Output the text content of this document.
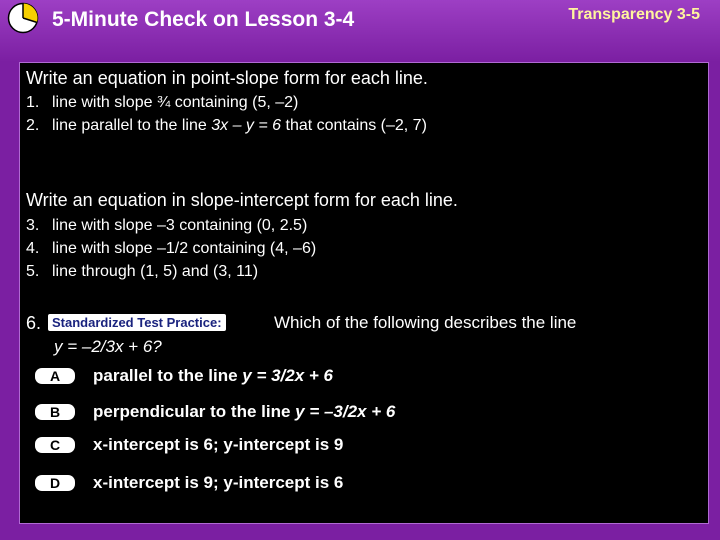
5-Minute Check on Lesson 3-4	Transparency 3-5
Write an equation in point-slope form for each line.
1. line with slope ¾ containing (5, –2)
2. line parallel to the line 3x – y = 6 that contains (–2, 7)
Write an equation in slope-intercept form for each line.
3. line with slope –3 containing (0, 2.5)
4. line with slope –1/2 containing (4, –6)
5. line through (1, 5) and (3, 11)
6. Standardized Test Practice:	Which of the following describes the line
y = –2/3x + 6?
A	parallel to the line y = 3/2x + 6
B	perpendicular to the line y = –3/2x + 6
C	x-intercept is 6; y-intercept is 9
D	x-intercept is 9; y-intercept is 6
